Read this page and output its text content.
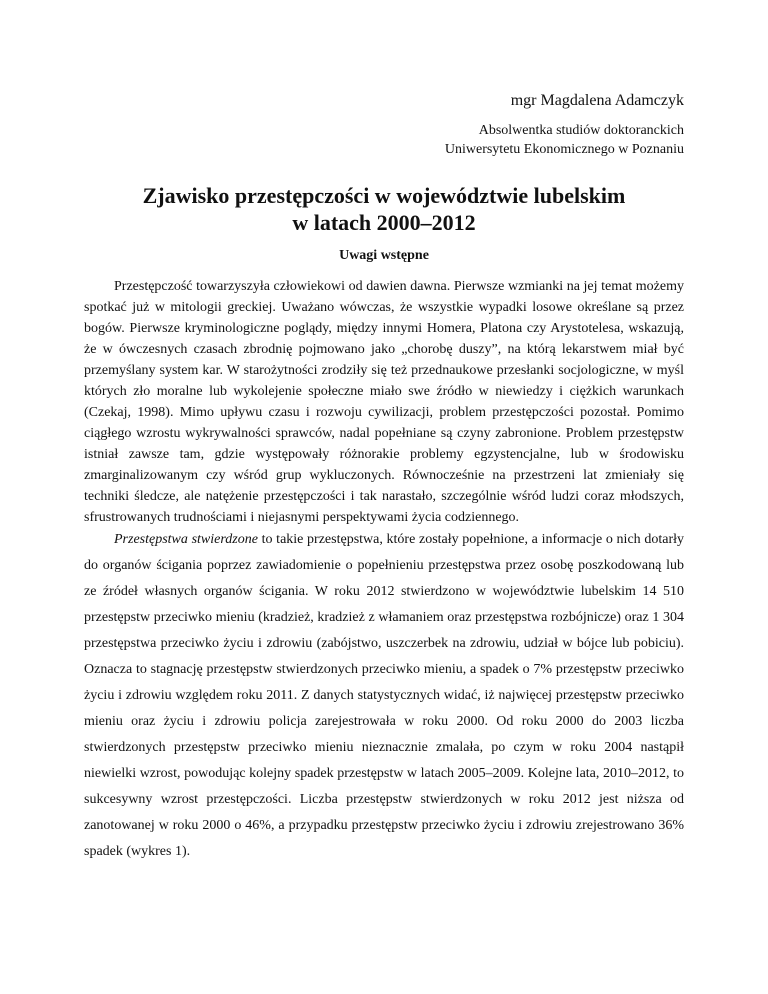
mgr Magdalena Adamczyk

Absolwentka studiów doktoranckich
Uniwersytetu Ekonomicznego w Poznaniu

Zjawisko przestępczości w województwie lubelskim
w latach 2000–2012
Uwagi wstępne

Przestępczość towarzyszyła człowiekowi od dawien dawna. Pierwsze wzmianki na jej temat możemy spotkać już w mitologii greckiej. Uważano wówczas, że wszystkie wypadki losowe określane są przez bogów. Pierwsze kryminologiczne poglądy, między innymi Homera, Platona czy Arystotelesa, wskazują, że w ówczesnych czasach zbrodnię pojmowano jako „chorobę duszy”, na którą lekarstwem miał być przemyślany system kar. W starożytności zrodziły się też przednaukowe przesłanki socjologiczne, w myśl których zło moralne lub wykolejenie społeczne miało swe źródło w niewiedzy i ciężkich warunkach (Czekaj, 1998). Mimo upływu czasu i rozwoju cywilizacji, problem przestępczości pozostał. Pomimo ciągłego wzrostu wykrywalności sprawców, nadal popełniane są czyny zabronione. Problem przestępstw istniał zawsze tam, gdzie występowały różnorakie problemy egzystencjalne, lub w środowisku zmarginalizowanym czy wśród grup wykluczonych. Równocześnie na przestrzeni lat zmieniały się techniki śledcze, ale natężenie przestępczości i tak narastało, szczególnie wśród ludzi coraz młodszych, sfrustrowanych trudnościami i niejasnymi perspektywami życia codziennego.

Przestępstwa stwierdzone to takie przestępstwa, które zostały popełnione, a informacje o nich dotarły do organów ścigania poprzez zawiadomienie o popełnieniu przestępstwa przez osobę poszkodowaną lub ze źródeł własnych organów ścigania. W roku 2012 stwierdzono w województwie lubelskim 14 510 przestępstw przeciwko mieniu (kradzież, kradzież z włamaniem oraz przestępstwa rozbójnicze) oraz 1 304 przestępstwa przeciwko życiu i zdrowiu (zabójstwo, uszczerbek na zdrowiu, udział w bójce lub pobiciu). Oznacza to stagnację przestępstw stwierdzonych przeciwko mieniu, a spadek o 7% przestępstw przeciwko życiu i zdrowiu względem roku 2011. Z danych statystycznych widać, iż najwięcej przestępstw przeciwko mieniu oraz życiu i zdrowiu policja zarejestrowała w roku 2000. Od roku 2000 do 2003 liczba stwierdzonych przestępstw przeciwko mieniu nieznacznie zmalała, po czym w roku 2004 nastąpił niewielki wzrost, powodując kolejny spadek przestępstw w latach 2005–2009. Kolejne lata, 2010–2012, to sukcesywny wzrost przestępczości. Liczba przestępstw stwierdzonych w roku 2012 jest niższa od zanotowanej w roku 2000 o 46%, a przypadku przestępstw przeciwko życiu i zdrowiu zrejestrowano 36% spadek (wykres 1).
